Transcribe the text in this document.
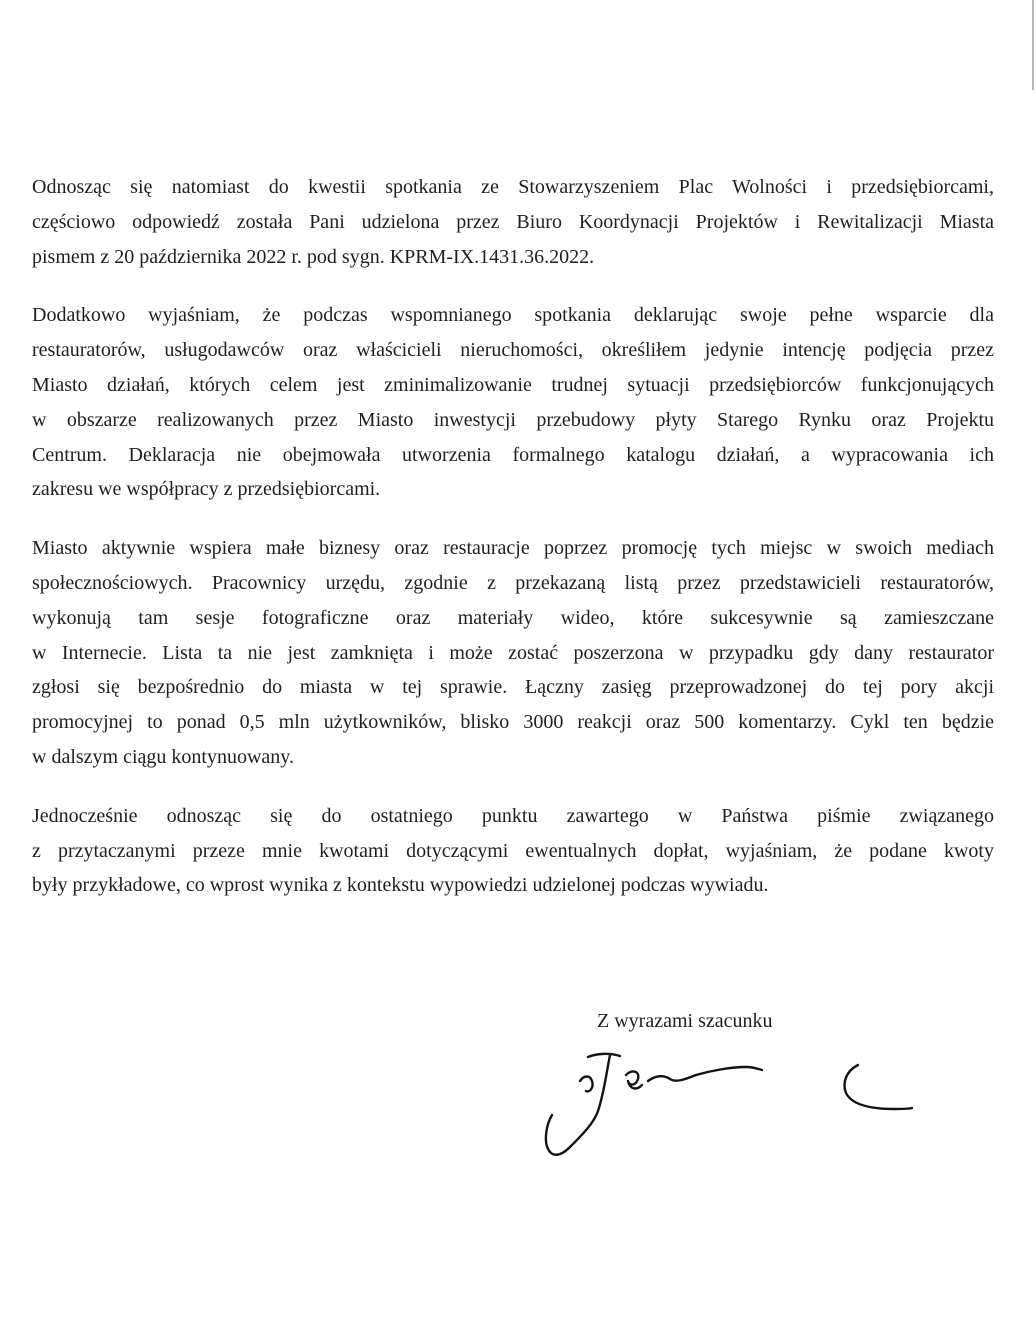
Odnosząc się natomiast do kwestii spotkania ze Stowarzyszeniem Plac Wolności i przedsiębiorcami,
częściowo odpowiedź została Pani udzielona przez Biuro Koordynacji Projektów i Rewitalizacji Miasta
pismem z 20 października 2022 r. pod sygn. KPRM-IX.1431.36.2022.

Dodatkowo wyjaśniam, że podczas wspomnianego spotkania deklarując swoje pełne wsparcie dla
restauratorów, usługodawców oraz właścicieli nieruchomości, określiłem jedynie intencję podjęcia przez
Miasto działań, których celem jest zminimalizowanie trudnej sytuacji przedsiębiorców funkcjonujących
w obszarze realizowanych przez Miasto inwestycji przebudowy płyty Starego Rynku oraz Projektu
Centrum. Deklaracja nie obejmowała utworzenia formalnego katalogu działań, a wypracowania ich
zakresu we współpracy z przedsiębiorcami.

Miasto aktywnie wspiera małe biznesy oraz restauracje poprzez promocję tych miejsc w swoich mediach
społecznościowych. Pracownicy urzędu, zgodnie z przekazaną listą przez przedstawicieli restauratorów,
wykonują tam sesje fotograficzne oraz materiały wideo, które sukcesywnie są zamieszczane
w Internecie. Lista ta nie jest zamknięta i może zostać poszerzona w przypadku gdy dany restaurator
zgłosi się bezpośrednio do miasta w tej sprawie. Łączny zasięg przeprowadzonej do tej pory akcji
promocyjnej to ponad 0,5 mln użytkowników, blisko 3000 reakcji oraz 500 komentarzy. Cykl ten będzie
w dalszym ciągu kontynuowany.

Jednocześnie odnosząc się do ostatniego punktu zawartego w Państwa piśmie związanego
z przytaczanymi przeze mnie kwotami dotyczącymi ewentualnych dopłat, wyjaśniam, że podane kwoty
były przykładowe, co wprost wynika z kontekstu wypowiedzi udzielonej podczas wywiadu.

Z wyrazami szacunku
